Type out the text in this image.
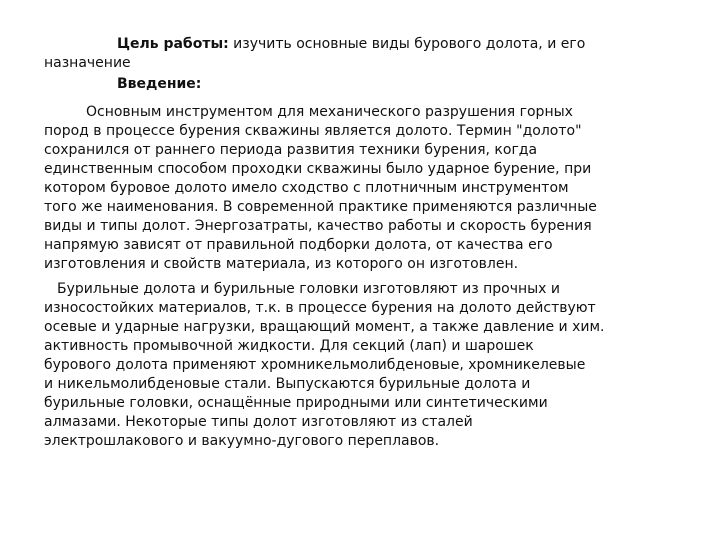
Цель работы: изучить основные виды бурового долота, и его
назначение
Введение:
Основным инструментом для механического разрушения горных
пород в процессе бурения скважины является долото. Термин "долото"
сохранился от раннего периода развития техники бурения, когда
единственным способом проходки скважины было ударное бурение, при
котором буровое долото имело сходство с плотничным инструментом
того же наименования. В современной практике применяются различные
виды и типы долот. Энергозатраты, качество работы и скорость бурения
напрямую зависят от правильной подборки долота, от качества его
изготовления и свойств материала, из которого он изготовлен.
Бурильные долота и бурильные головки изготовляют из прочных и
износостойких материалов, т.к. в процессе бурения на долото действуют
осевые и ударные нагрузки, вращающий момент, а также давление и хим.
активность промывочной жидкости. Для секций (лап) и шарошек
бурового долота применяют хромникельмолибденовые, хромникелевые
и никельмолибденовые стали. Выпускаются бурильные долота и
бурильные головки, оснащённые природными или синтетическими
алмазами. Некоторые типы долот изготовляют из сталей
электрошлакового и вакуумно-дугового переплавов.
